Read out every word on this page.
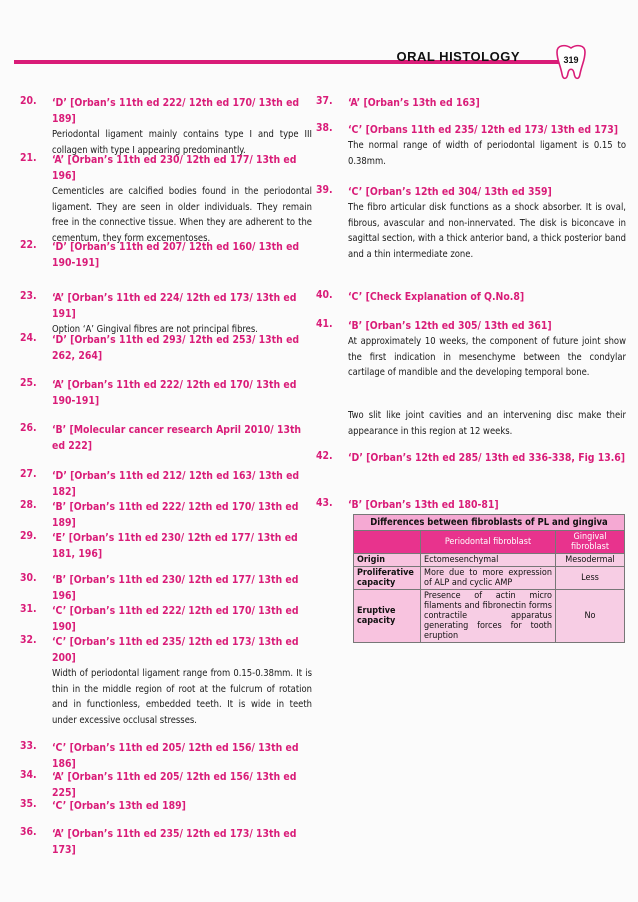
ORAL HISTOLOGY	319
20. ‘D’ [Orban’s 11th ed 222/ 12th ed 170/ 13th ed 189]
Periodontal ligament mainly contains type I and type III collagen with type I appearing predominantly.
21. ‘A’ [Orban’s 11th ed 230/ 12th ed 177/ 13th ed 196]
Cementicles are calcified bodies found in the periodontal ligament. They are seen in older individuals. They remain free in the connective tissue. When they are adherent to the cementum, they form excementoses.
22. ‘D’ [Orban’s 11th ed 207/ 12th ed 160/ 13th ed 190-191]
23. ‘A’ [Orban’s 11th ed 224/ 12th ed 173/ 13th ed 191]
Option ‘A’ Gingival fibres are not principal fibres.
24. ‘D’ [Orban’s 11th ed 293/ 12th ed 253/ 13th ed 262, 264]
25. ‘A’ [Orban’s 11th ed 222/ 12th ed 170/ 13th ed 190-191]
26. ‘B’ [Molecular cancer research April 2010/ 13th ed 222]
27. ‘D’ [Orban’s 11th ed 212/ 12th ed 163/ 13th ed 182]
28. ‘B’ [Orban’s 11th ed 222/ 12th ed 170/ 13th ed 189]
29. ‘E’ [Orban’s 11th ed 230/ 12th ed 177/ 13th ed 181, 196]
30. ‘B’ [Orban’s 11th ed 230/ 12th ed 177/ 13th ed 196]
31. ‘C’ [Orban’s 11th ed 222/ 12th ed 170/ 13th ed 190]
32. ‘C’ [Orban’s 11th ed 235/ 12th ed 173/ 13th ed 200]
Width of periodontal ligament range from 0.15-0.38mm. It is thin in the middle region of root at the fulcrum of rotation and in functionless, embedded teeth. It is wide in teeth under excessive occlusal stresses.
33. ‘C’ [Orban’s 11th ed 205/ 12th ed 156/ 13th ed 186]
34. ‘A’ [Orban’s 11th ed 205/ 12th ed 156/ 13th ed 225]
35. ‘C’ [Orban’s 13th ed 189]
36. ‘A’ [Orban’s 11th ed 235/ 12th ed 173/ 13th ed 173]
37. ‘A’ [Orban’s 13th ed 163]
38. ‘C’ [Orbans 11th ed 235/ 12th ed 173/ 13th ed 173]
The normal range of width of periodontal ligament is 0.15 to 0.38mm.
39. ‘C’ [Orban’s 12th ed 304/ 13th ed 359]
The fibro articular disk functions as a shock absorber. It is oval, fibrous, avascular and non-innervated. The disk is biconcave in sagittal section, with a thick anterior band, a thick posterior band and a thin intermediate zone.
40. ‘C’ [Check Explanation of Q.No.8]
41. ‘B’ [Orban’s 12th ed 305/ 13th ed 361]
At approximately 10 weeks, the component of future joint show the first indication in mesenchyme between the condylar cartilage of mandible and the developing temporal bone.
Two slit like joint cavities and an intervening disc make their appearance in this region at 12 weeks.
42. ‘D’ [Orban’s 12th ed 285/ 13th ed 336-338, Fig 13.6]
43. ‘B’ [Orban’s 13th ed 180-81]
Differences between fibroblasts of PL and gingiva		
	Periodontal fibroblast	Gingival fibroblast
Origin	Ectomesenchymal	Mesodermal
Proliferative capacity	More due to more expression of ALP and cyclic AMP	Less
Eruptive capacity	Presence of actin micro filaments and fibronectin forms contractile apparatus generating forces for tooth eruption	No
